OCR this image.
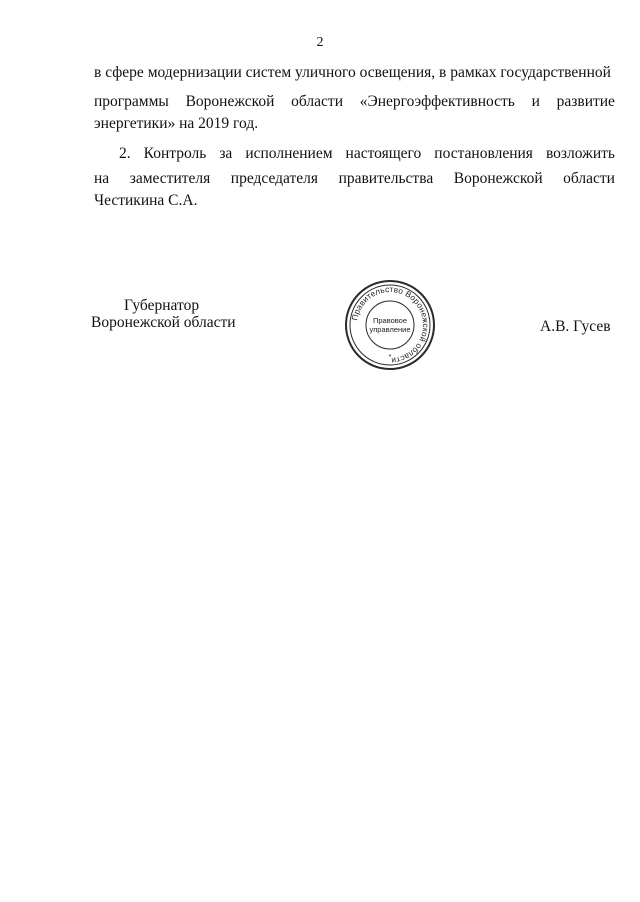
2
в сфере модернизации систем уличного освещения, в рамках государственной
программы Воронежской области «Энергоэффективность и развитие
энергетики» на 2019 год.
2. Контроль за исполнением настоящего постановления возложить
на заместителя председателя правительства Воронежской области
Честикина С.А.
Губернатор
Воронежской области	Правительство Воронежской области
Правовое
управление
*
А.В. Гусев
